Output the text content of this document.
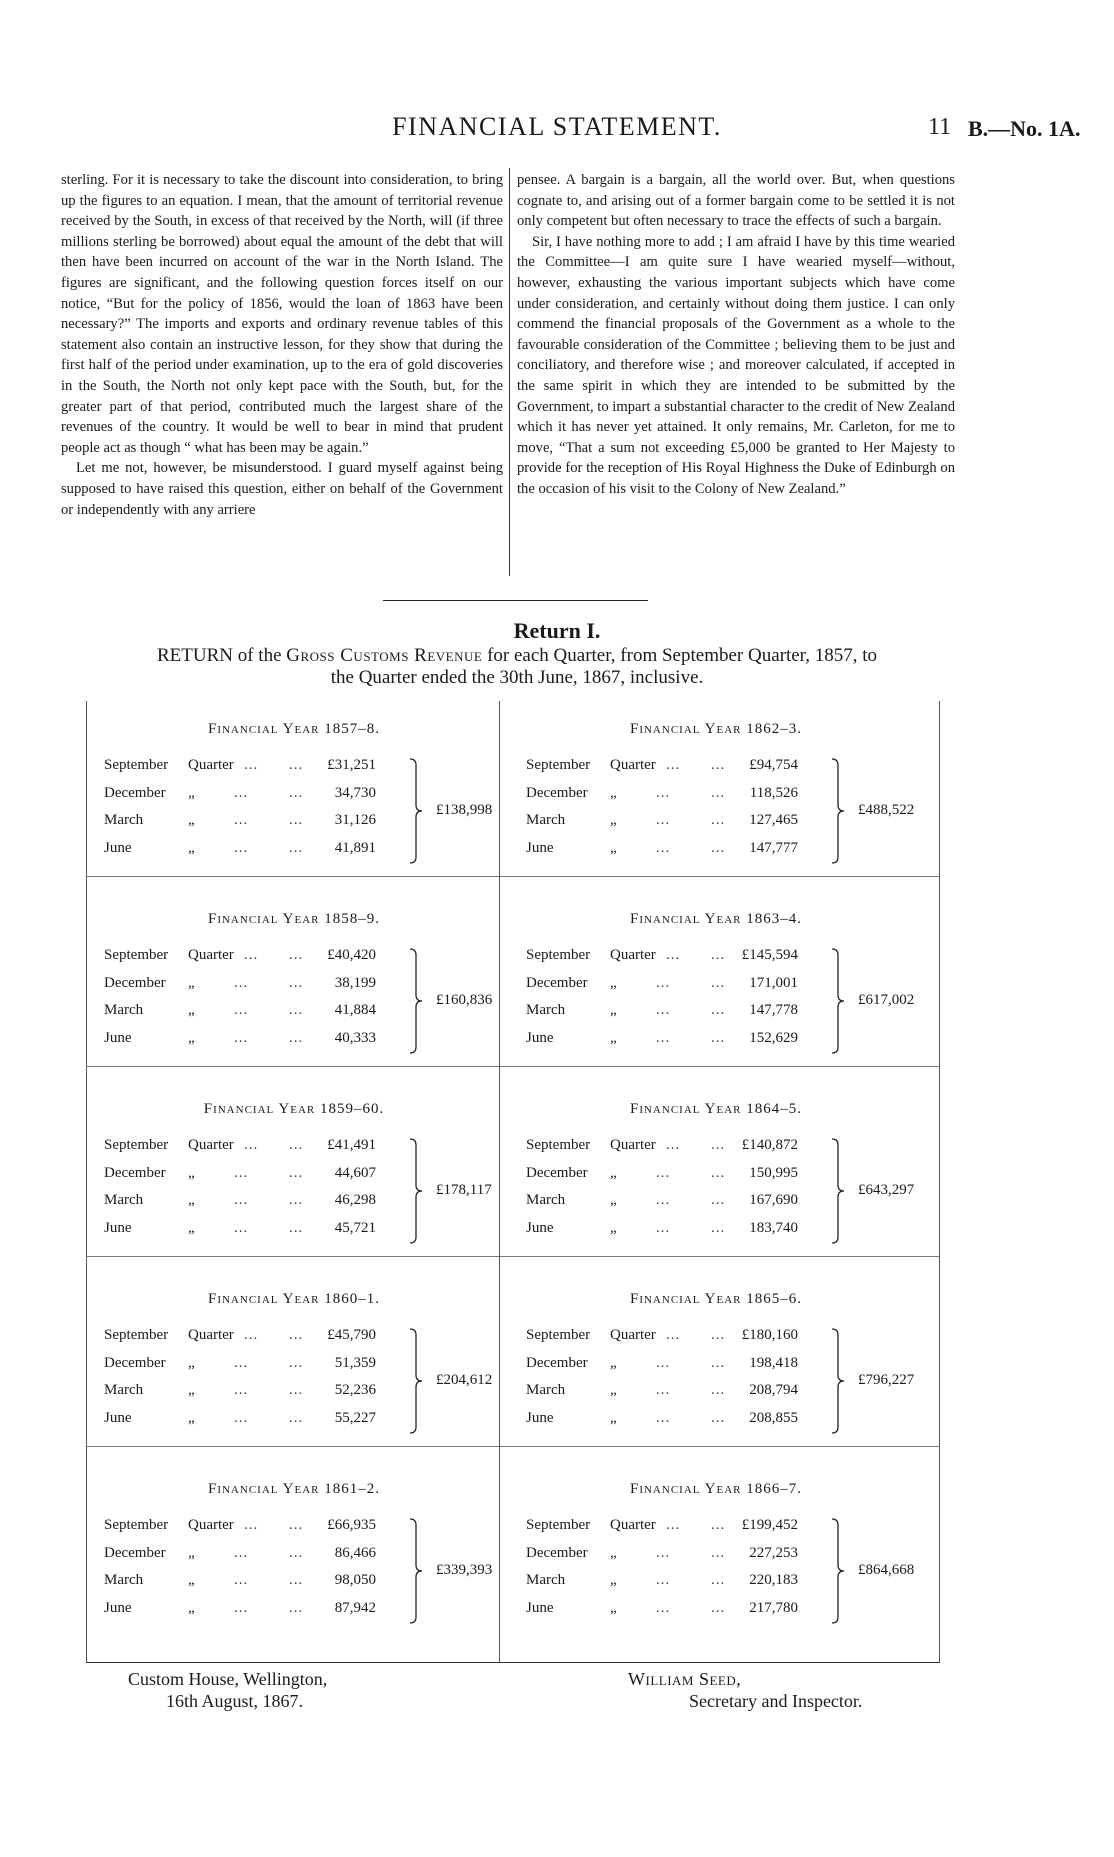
FINANCIAL STATEMENT.	11 B.—No. 1A.

sterling. For it is necessary to take the discount into consideration, to bring up the figures to an equation. I mean, that the amount of territorial revenue received by the South, in excess of that received by the North, will (if three millions sterling be borrowed) about equal the amount of the debt that will then have been incurred on account of the war in the North Island. The figures are significant, and the following question forces itself on our notice, “But for the policy of 1856, would the loan of 1863 have been necessary?” The imports and exports and ordinary revenue tables of this statement also contain an instructive lesson, for they show that during the first half of the period under examination, up to the era of gold discoveries in the South, the North not only kept pace with the South, but, for the greater part of that period, contributed much the largest share of the revenues of the country. It would be well to bear in mind that prudent people act as though “ what has been may be again.”

Let me not, however, be misunderstood. I guard myself against being supposed to have raised this question, either on behalf of the Government or independently with any arriere

pensee. A bargain is a bargain, all the world over. But, when questions cognate to, and arising out of a former bargain come to be settled it is not only competent but often necessary to trace the effects of such a bargain.

Sir, I have nothing more to add ; I am afraid I have by this time wearied the Committee—I am quite sure I have wearied myself—without, however, exhausting the various important subjects which have come under consideration, and certainly without doing them justice. I can only commend the financial proposals of the Government as a whole to the favourable consideration of the Committee ; believing them to be just and conciliatory, and therefore wise ; and moreover calculated, if accepted in the same spirit in which they are intended to be submitted by the Government, to impart a substantial character to the credit of New Zealand which it has never yet attained. It only remains, Mr. Carleton, for me to move, “That a sum not exceeding £5,000 be granted to Her Majesty to provide for the reception of His Royal Highness the Duke of Edinburgh on the occasion of his visit to the Colony of New Zealand.”

Return I.
RETURN of the Gross Customs Revenue for each Quarter, from September Quarter, 1857, to
the Quarter ended the 30th June, 1867, inclusive.
Financial Year 1857–8.
September Quarter ... ... £31,251
December „	...	... 34,730
March	„	...	... 31,126
June	„	...	... 41,891
£138,998
Financial Year 1858–9.
September Quarter ... ... £40,420
December „	...	... 38,199
March	„	...	... 41,884
June	„	...	... 40,333
£160,836
Financial Year 1859–60.
September Quarter ... ... £41,491
December „	...	... 44,607
March	„	...	... 46,298
June	„	...	... 45,721
£178,117
Financial Year 1860–1.
September Quarter ... ... £45,790
December „	...	... 51,359
March	„	...	... 52,236
June	„	...	... 55,227
£204,612
Financial Year 1861–2.
September Quarter ... ... £66,935
December „	...	... 86,466
March	„	...	... 98,050
June	„	...	... 87,942
£339,393
Financial Year 1862–3.
September Quarter ... ... £94,754
December „	...	... 118,526
March	„	...	... 127,465
June	„	...	... 147,777
£488,522
Financial Year 1863–4.
September Quarter ... ... £145,594
December „	...	... 171,001
March	„	...	... 147,778
June	„	...	... 152,629
£617,002
Financial Year 1864–5.
September Quarter ... ... £140,872
December „	...	... 150,995
March	„	...	... 167,690
June	„	...	... 183,740
£643,297
Financial Year 1865–6.
September Quarter ... ... £180,160
December „	...	... 198,418
March	„	...	... 208,794
June	„	...	... 208,855
£796,227
Financial Year 1866–7.
September Quarter ... ... £199,452
December „	...	... 227,253
March	„	...	... 220,183
June	„	...	... 217,780
£864,668
Custom House, Wellington,
16th August, 1867.
William Seed,
Secretary and Inspector.
